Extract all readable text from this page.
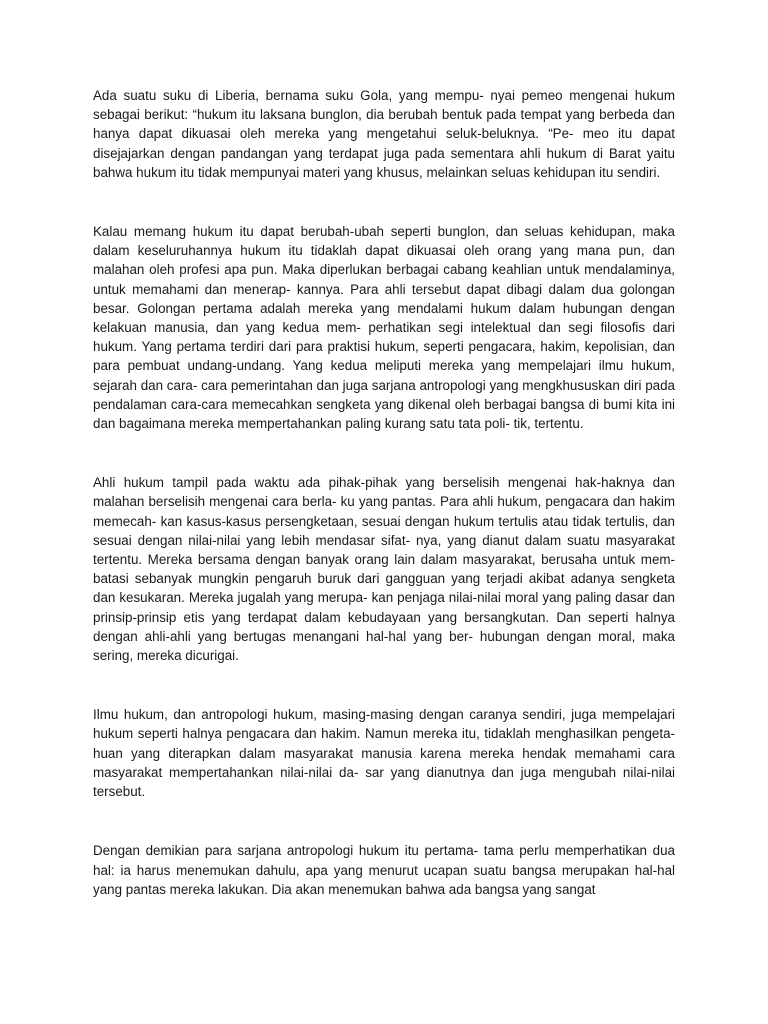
Ada suatu suku di Liberia, bernama suku Gola, yang mempu- nyai pemeo mengenai hukum sebagai berikut: “hukum itu laksana bunglon, dia berubah bentuk pada tempat yang berbeda dan hanya dapat dikuasai oleh mereka yang mengetahui seluk-beluknya. “Pe- meo itu dapat disejajarkan dengan pandangan yang terdapat juga pada sementara ahli hukum di Barat yaitu bahwa hukum itu tidak mempunyai materi yang khusus, melainkan seluas kehidupan itu sendiri.

Kalau memang hukum itu dapat berubah-ubah seperti bunglon, dan seluas kehidupan, maka dalam keseluruhannya hukum itu tidaklah dapat dikuasai oleh orang yang mana pun, dan malahan oleh profesi apa pun. Maka diperlukan berbagai cabang keahlian untuk mendalaminya, untuk memahami dan menerap- kannya. Para ahli tersebut dapat dibagi dalam dua golongan besar. Golongan pertama adalah mereka yang mendalami hukum dalam hubungan dengan kelakuan manusia, dan yang kedua mem- perhatikan segi intelektual dan segi filosofis dari hukum. Yang pertama terdiri dari para praktisi hukum, seperti pengacara, hakim, kepolisian, dan para pembuat undang-undang. Yang kedua meliputi mereka yang mempelajari ilmu hukum, sejarah dan cara- cara pemerintahan dan juga sarjana antropologi yang mengkhususkan diri pada pendalaman cara-cara memecahkan sengketa yang dikenal oleh berbagai bangsa di bumi kita ini dan bagaimana mereka mempertahankan paling kurang satu tata poli- tik, tertentu.

Ahli hukum tampil pada waktu ada pihak-pihak yang berselisih mengenai hak-haknya dan malahan berselisih mengenai cara berla- ku yang pantas. Para ahli hukum, pengacara dan hakim memecah- kan kasus-kasus persengketaan, sesuai dengan hukum tertulis atau tidak tertulis, dan sesuai dengan nilai-nilai yang lebih mendasar sifat- nya, yang dianut dalam suatu masyarakat tertentu. Mereka bersama dengan banyak orang lain dalam masyarakat, berusaha untuk mem- batasi sebanyak mungkin pengaruh buruk dari gangguan yang terjadi akibat adanya sengketa dan kesukaran. Mereka jugalah yang merupa- kan penjaga nilai-nilai moral yang paling dasar dan prinsip-prinsip etis yang terdapat dalam kebudayaan yang bersangkutan. Dan seperti halnya dengan ahli-ahli yang bertugas menangani hal-hal yang ber- hubungan dengan moral, maka sering, mereka dicurigai.

Ilmu hukum, dan antropologi hukum, masing-masing dengan caranya sendiri, juga mempelajari hukum seperti halnya pengacara dan hakim. Namun mereka itu, tidaklah menghasilkan pengeta- huan yang diterapkan dalam masyarakat manusia karena mereka hendak memahami cara masyarakat mempertahankan nilai-nilai da- sar yang dianutnya dan juga mengubah nilai-nilai tersebut.

Dengan demikian para sarjana antropologi hukum itu pertama- tama perlu memperhatikan dua hal: ia harus menemukan dahulu, apa yang menurut ucapan suatu bangsa merupakan hal-hal yang pantas mereka lakukan. Dia akan menemukan bahwa ada bangsa yang sangat
